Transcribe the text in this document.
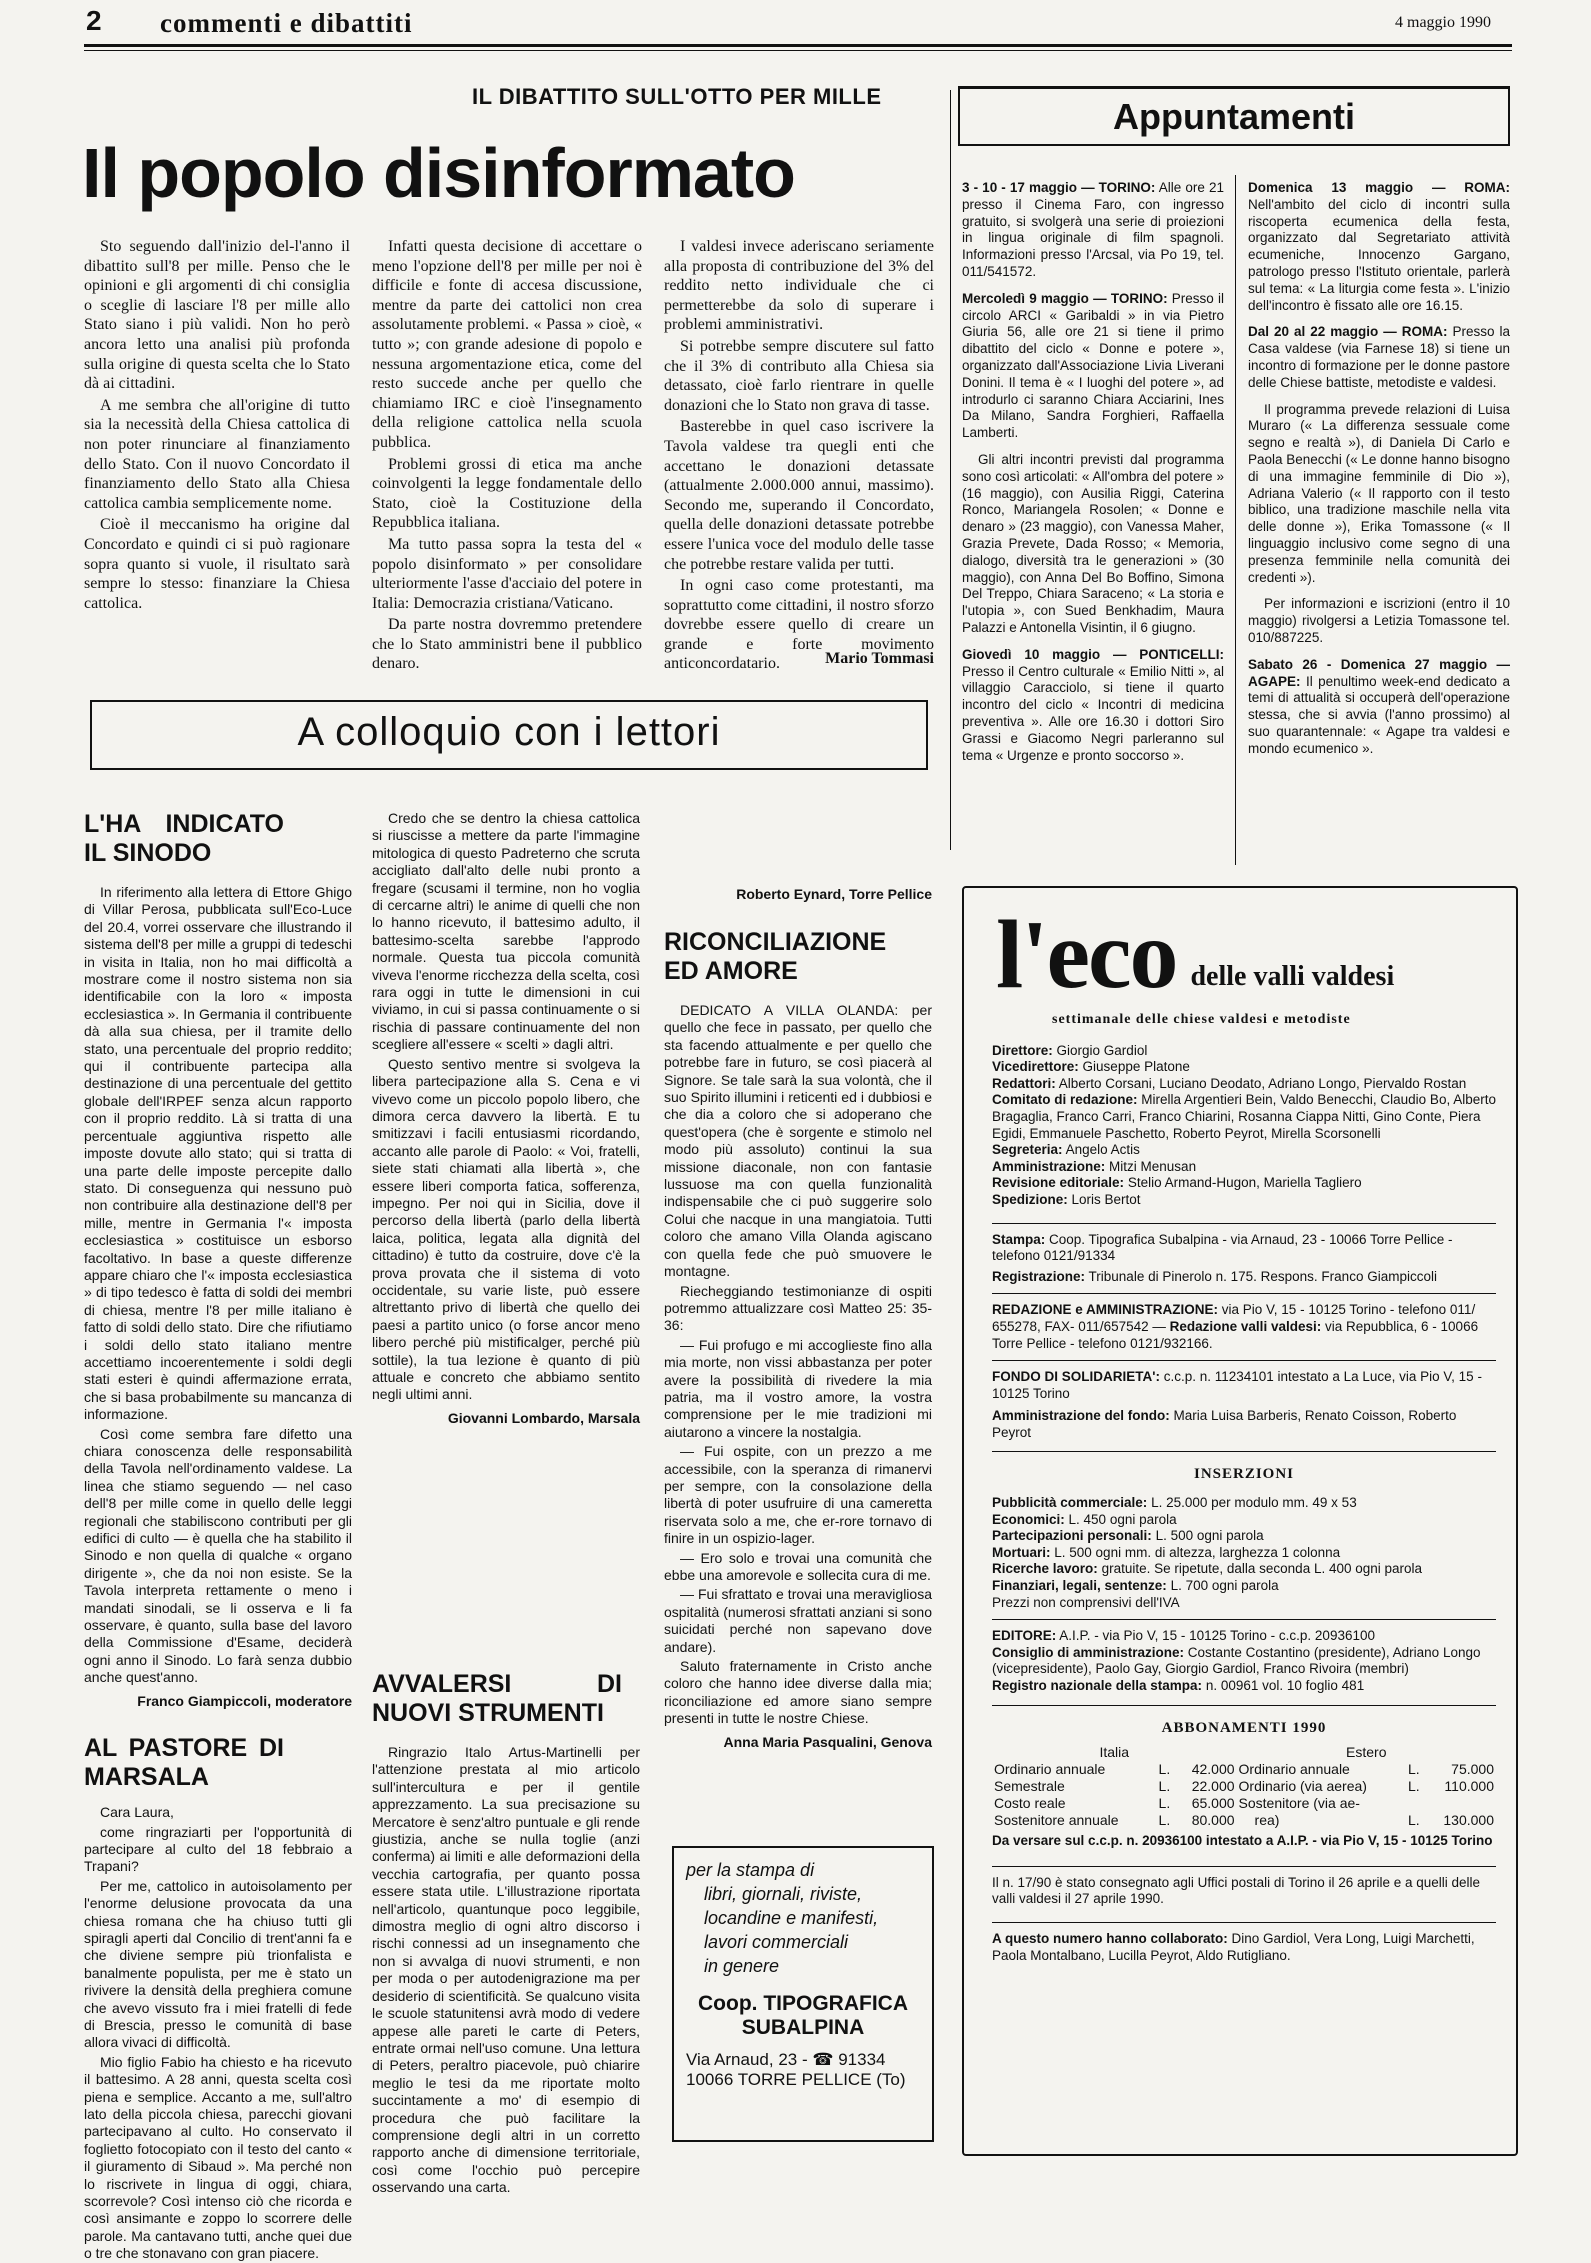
2 commenti e dibattiti	4 maggio 1990
IL DIBATTITO SULL'OTTO PER MILLE
Il popolo disinformato

Sto seguendo dall'inizio del-l'anno il dibattito sull'8 per mille. Penso che le opinioni e gli argomenti di chi consiglia o sceglie di lasciare l'8 per mille allo Stato siano i più validi. Non ho però ancora letto una analisi più profonda sulla origine di questa scelta che lo Stato dà ai cittadini.

A me sembra che all'origine di tutto sia la necessità della Chiesa cattolica di non poter rinunciare al finanziamento dello Stato. Con il nuovo Concordato il finanziamento dello Stato alla Chiesa cattolica cambia semplicemente nome.

Cioè il meccanismo ha origine dal Concordato e quindi ci si può ragionare sopra quanto si vuole, il risultato sarà sempre lo stesso: finanziare la Chiesa cattolica.

Infatti questa decisione di accettare o meno l'opzione dell'8 per mille per noi è difficile e fonte di accesa discussione, mentre da parte dei cattolici non crea assolutamente problemi. « Passa » cioè, « tutto »; con grande adesione di popolo e nessuna argomentazione etica, come del resto succede anche per quello che chiamiamo IRC e cioè l'insegnamento della religione cattolica nella scuola pubblica.

Problemi grossi di etica ma anche coinvolgenti la legge fondamentale dello Stato, cioè la Costituzione della Repubblica italiana.

Ma tutto passa sopra la testa del « popolo disinformato » per consolidare ulteriormente l'asse d'acciaio del potere in Italia: Democrazia cristiana/Vaticano.

Da parte nostra dovremmo pretendere che lo Stato amministri bene il pubblico denaro.

I valdesi invece aderiscano seriamente alla proposta di contribuzione del 3% del reddito netto individuale che ci permetterebbe da solo di superare i problemi amministrativi.

Si potrebbe sempre discutere sul fatto che il 3% di contributo alla Chiesa sia detassato, cioè farlo rientrare in quelle donazioni che lo Stato non grava di tasse.

Basterebbe in quel caso iscrivere la Tavola valdese tra quegli enti che accettano le donazioni detassate (attualmente 2.000.000 annui, massimo). Secondo me, superando il Concordato, quella delle donazioni detassate potrebbe essere l'unica voce del modulo delle tasse che potrebbe restare valida per tutti.

In ogni caso come protestanti, ma soprattutto come cittadini, il nostro sforzo dovrebbe essere quello di creare un grande e forte movimento anticoncordatario.	Mario Tommasi
A colloquio con i lettori
L'HA INDICATO IL SINODO

In riferimento alla lettera di Ettore Ghigo di Villar Perosa, pubblicata sull'Eco-Luce del 20.4, vorrei osservare che illustrando il sistema dell'8 per mille a gruppi di tedeschi in visita in Italia, non ho mai difficoltà a mostrare come il nostro sistema non sia identificabile con la loro « imposta ecclesiastica ». In Germania il contribuente dà alla sua chiesa, per il tramite dello stato, una percentuale del proprio reddito; qui il contribuente partecipa alla destinazione di una percentuale del gettito globale dell'IRPEF senza alcun rapporto con il proprio reddito. Là si tratta di una percentuale aggiuntiva rispetto alle imposte dovute allo stato; qui si tratta di una parte delle imposte percepite dallo stato. Di conseguenza qui nessuno può non contribuire alla destinazione dell'8 per mille, mentre in Germania l'« imposta ecclesiastica » costituisce un esborso facoltativo. In base a queste differenze appare chiaro che l'« imposta ecclesiastica » di tipo tedesco è fatta di soldi dei membri di chiesa, mentre l'8 per mille italiano è fatto di soldi dello stato. Dire che rifiutiamo i soldi dello stato italiano mentre accettiamo incoerentemente i soldi degli stati esteri è quindi affermazione errata, che si basa probabilmente su mancanza di informazione.

Così come sembra fare difetto una chiara conoscenza delle responsabilità della Tavola nell'ordinamento valdese. La linea che stiamo seguendo — nel caso dell'8 per mille come in quello delle leggi regionali che stabiliscono contributi per gli edifici di culto — è quella che ha stabilito il Sinodo e non quella di qualche « organo dirigente », che da noi non esiste. Se la Tavola interpreta rettamente o meno i mandati sinodali, se li osserva e li fa osservare, è quanto, sulla base del lavoro della Commissione d'Esame, deciderà ogni anno il Sinodo. Lo farà senza dubbio anche quest'anno.

Franco Giampiccoli, moderatore
AL PASTORE DI MARSALA

Cara Laura,

come ringraziarti per l'opportunità di partecipare al culto del 18 febbraio a Trapani?

Per me, cattolico in autoisolamento per l'enorme delusione provocata da una chiesa romana che ha chiuso tutti gli spiragli aperti dal Concilio di trent'anni fa e che diviene sempre più trionfalista e banalmente populista, per me è stato un rivivere la densità della preghiera comune che avevo vissuto fra i miei fratelli di fede di Brescia, presso le comunità di base allora vivaci di difficoltà.

Mio figlio Fabio ha chiesto e ha ricevuto il battesimo. A 28 anni, questa scelta così piena e semplice. Accanto a me, sull'altro lato della piccola chiesa, parecchi giovani partecipavano al culto. Ho conservato il foglietto fotocopiato con il testo del canto « il giuramento di Sibaud ». Ma perché non lo riscrivete in lingua di oggi, chiara, scorrevole? Così intenso ciò che ricorda e così ansimante e zoppo lo scorrere delle parole. Ma cantavano tutti, anche quei due o tre che stonavano con gran piacere.

Credo che se dentro la chiesa cattolica si riuscisse a mettere da parte l'immagine mitologica di questo Padreterno che scruta accigliato dall'alto delle nubi pronto a fregare (scusami il termine, non ho voglia di cercarne altri) le anime di quelli che non lo hanno ricevuto, il battesimo adulto, il battesimo-scelta sarebbe l'approdo normale. Questa tua piccola comunità viveva l'enorme ricchezza della scelta, così rara oggi in tutte le dimensioni in cui viviamo, in cui si passa continuamente o si rischia di passare continuamente del non scegliere all'essere « scelti » dagli altri.

Questo sentivo mentre si svolgeva la libera partecipazione alla S. Cena e vi vivevo come un piccolo popolo libero, che dimora cerca davvero la libertà. E tu smitizzavi i facili entusiasmi ricordando, accanto alle parole di Paolo: « Voi, fratelli, siete stati chiamati alla libertà », che essere liberi comporta fatica, sofferenza, impegno. Per noi qui in Sicilia, dove il percorso della libertà (parlo della libertà laica, politica, legata alla dignità del cittadino) è tutto da costruire, dove c'è la prova provata che il sistema di voto occidentale, su varie liste, può essere altrettanto privo di libertà che quello dei paesi a partito unico (o forse ancor meno libero perché più mistificalger, perché più sottile), la tua lezione è quanto di più attuale e concreto che abbiamo sentito negli ultimi anni.

Giovanni Lombardo, Marsala
AVVALERSI DI NUOVI STRUMENTI

Ringrazio Italo Artus-Martinelli per l'attenzione prestata al mio articolo sull'intercultura e per il gentile apprezzamento. La sua precisazione su Mercatore è senz'altro puntuale e gli rende giustizia, anche se nulla toglie (anzi conferma) ai limiti e alle deformazioni della vecchia cartografia, per quanto possa essere stata utile. L'illustrazione riportata nell'articolo, quantunque poco leggibile, dimostra meglio di ogni altro discorso i rischi connessi ad un insegnamento che non si avvalga di nuovi strumenti, e non per moda o per autodenigrazione ma per desiderio di scientificità. Se qualcuno visita le scuole statunitensi avrà modo di vedere appese alle pareti le carte di Peters, entrate ormai nell'uso comune. Una lettura di Peters, peraltro piacevole, può chiarire meglio le tesi da me riportate molto succintamente a mo' di esempio di procedura che può facilitare la comprensione degli altri in un corretto rapporto anche di dimensione territoriale, così come l'occhio può percepire osservando una carta.

Roberto Eynard, Torre Pellice
RICONCILIAZIONE ED AMORE

DEDICATO A VILLA OLANDA: per quello che fece in passato, per quello che sta facendo attualmente e per quello che potrebbe fare in futuro, se così piacerà al Signore. Se tale sarà la sua volontà, che il suo Spirito illumini i reticenti ed i dubbiosi e che dia a coloro che si adoperano che quest'opera (che è sorgente e stimolo nel modo più assoluto) continui la sua missione diaconale, non con fantasie lussuose ma con quella funzionalità indispensabile che ci può suggerire solo Colui che nacque in una mangiatoia. Tutti coloro che amano Villa Olanda agiscano con quella fede che può smuovere le montagne.

Riecheggiando testimonianze di ospiti potremmo attualizzare così Matteo 25: 35-36:

— Fui profugo e mi accoglieste fino alla mia morte, non vissi abbastanza per poter avere la possibilità di rivedere la mia patria, ma il vostro amore, la vostra comprensione per le mie tradizioni mi aiutarono a vincere la nostalgia.

— Fui ospite, con un prezzo a me accessibile, con la speranza di rimanervi per sempre, con la consolazione della libertà di poter usufruire di una cameretta riservata solo a me, che er-rore tornavo di finire in un ospizio-lager.

— Ero solo e trovai una comunità che ebbe una amorevole e sollecita cura di me.

— Fui sfrattato e trovai una meravigliosa ospitalità (numerosi sfrattati anziani si sono suicidati perché non sapevano dove andare).

Saluto fraternamente in Cristo anche coloro che hanno idee diverse dalla mia; riconciliazione ed amore siano sempre presenti in tutte le nostre Chiese.

Anna Maria Pasqualini, Genova
per la stampa di
libri, giornali, riviste,
locandine e manifesti,
lavori commerciali
in genere
Coop. TIPOGRAFICA
SUBALPINA
Via Arnaud, 23 - ☎ 91334
10066 TORRE PELLICE (To)
Appuntamenti

3 - 10 - 17 maggio — TORINO: Alle ore 21 presso il Cinema Faro, con ingresso gratuito, si svolgerà una serie di proiezioni in lingua originale di film spagnoli. Informazioni presso l'Arcsal, via Po 19, tel. 011/541572.

Mercoledì 9 maggio — TORINO: Presso il circolo ARCI « Garibaldi » in via Pietro Giuria 56, alle ore 21 si tiene il primo dibattito del ciclo « Donne e potere », organizzato dall'Associazione Livia Liverani Donini. Il tema è « I luoghi del potere », ad introdurlo ci saranno Chiara Acciarini, Ines Da Milano, Sandra Forghieri, Raffaella Lamberti.

Gli altri incontri previsti dal programma sono così articolati: « All'ombra del potere » (16 maggio), con Ausilia Riggi, Caterina Ronco, Mariangela Rosolen; « Donne e denaro » (23 maggio), con Vanessa Maher, Grazia Prevete, Dada Rosso; « Memoria, dialogo, diversità tra le generazioni » (30 maggio), con Anna Del Bo Boffino, Simona Del Treppo, Chiara Saraceno; « La storia e l'utopia », con Sued Benkhadim, Maura Palazzi e Antonella Visintin, il 6 giugno.

Giovedì 10 maggio — PONTICELLI: Presso il Centro culturale « Emilio Nitti », al villaggio Caracciolo, si tiene il quarto incontro del ciclo « Incontri di medicina preventiva ». Alle ore 16.30 i dottori Siro Grassi e Giacomo Negri parleranno sul tema « Urgenze e pronto soccorso ».

Domenica 13 maggio — ROMA: Nell'ambito del ciclo di incontri sulla riscoperta ecumenica della festa, organizzato dal Segretariato attività ecumeniche, Innocenzo Gargano, patrologo presso l'Istituto orientale, parlerà sul tema: « La liturgia come festa ». L'inizio dell'incontro è fissato alle ore 16.15.

Dal 20 al 22 maggio — ROMA: Presso la Casa valdese (via Farnese 18) si tiene un incontro di formazione per le donne pastore delle Chiese battiste, metodiste e valdesi.

Il programma prevede relazioni di Luisa Muraro (« La differenza sessuale come segno e realtà »), di Daniela Di Carlo e Paola Benecchi (« Le donne hanno bisogno di una immagine femminile di Dio »), Adriana Valerio (« Il rapporto con il testo biblico, una tradizione maschile nella vita delle donne »), Erika Tomassone (« Il linguaggio inclusivo come segno di una presenza femminile nella comunità dei credenti »).

Per informazioni e iscrizioni (entro il 10 maggio) rivolgersi a Letizia Tomassone tel. 010/887225.

Sabato 26 - Domenica 27 maggio — AGAPE: Il penultimo week-end dedicato a temi di attualità si occuperà dell'operazione stessa, che si avvia (l'anno prossimo) al suo quarantennale: « Agape tra valdesi e mondo ecumenico ».

l'eco delle valli valdesi
settimanale delle chiese valdesi e metodiste

Direttore: Giorgio Gardiol

Vicedirettore: Giuseppe Platone

Redattori: Alberto Corsani, Luciano Deodato, Adriano Longo, Piervaldo Rostan

Comitato di redazione: Mirella Argentieri Bein, Valdo Benecchi, Claudio Bo, Alberto Bragaglia, Franco Carri, Franco Chiarini, Rosanna Ciappa Nitti, Gino Conte, Piera Egidi, Emmanuele Paschetto, Roberto Peyrot, Mirella Scorsonelli

Segreteria: Angelo Actis

Amministrazione: Mitzi Menusan

Revisione editoriale: Stelio Armand-Hugon, Mariella Tagliero

Spedizione: Loris Bertot

Stampa: Coop. Tipografica Subalpina - via Arnaud, 23 - 10066 Torre Pellice - telefono 0121/91334

Registrazione: Tribunale di Pinerolo n. 175. Respons. Franco Giampiccoli

REDAZIONE e AMMINISTRAZIONE: via Pio V, 15 - 10125 Torino - telefono 011/ 655278, FAX- 011/657542 — Redazione valli valdesi: via Repubblica, 6 - 10066 Torre Pellice - telefono 0121/932166.

FONDO DI SOLIDARIETA': c.c.p. n. 11234101 intestato a La Luce, via Pio V, 15 - 10125 Torino

Amministrazione del fondo: Maria Luisa Barberis, Renato Coisson, Roberto Peyrot

INSERZIONI

Pubblicità commerciale: L. 25.000 per modulo mm. 49 x 53

Economici: L. 450 ogni parola

Partecipazioni personali: L. 500 ogni parola

Mortuari: L. 500 ogni mm. di altezza, larghezza 1 colonna

Ricerche lavoro: gratuite. Se ripetute, dalla seconda L. 400 ogni parola

Finanziari, legali, sentenze: L. 700 ogni parola

Prezzi non comprensivi dell'IVA

EDITORE: A.I.P. - via Pio V, 15 - 10125 Torino - c.c.p. 20936100

Consiglio di amministrazione: Costante Costantino (presidente), Adriano Longo (vicepresidente), Paolo Gay, Giorgio Gardiol, Franco Rivoira (membri)

Registro nazionale della stampa: n. 00961 vol. 10 foglio 481

ABBONAMENTI 1990
Italia			Estero		
Ordinario annuale	L.	42.000	Ordinario annuale	L.	75.000
Semestrale	L.	22.000	Ordinario (via aerea)	L.	110.000
Costo reale	L.	65.000	Sostenitore (via ae-		
Sostenitore annuale	L.	80.000	rea)	L.	130.000

Da versare sul c.c.p. n. 20936100 intestato a A.I.P. - via Pio V, 15 - 10125 Torino

Il n. 17/90 è stato consegnato agli Uffici postali di Torino il 26 aprile e a quelli delle valli valdesi il 27 aprile 1990.

A questo numero hanno collaborato: Dino Gardiol, Vera Long, Luigi Marchetti, Paola Montalbano, Lucilla Peyrot, Aldo Rutigliano.
